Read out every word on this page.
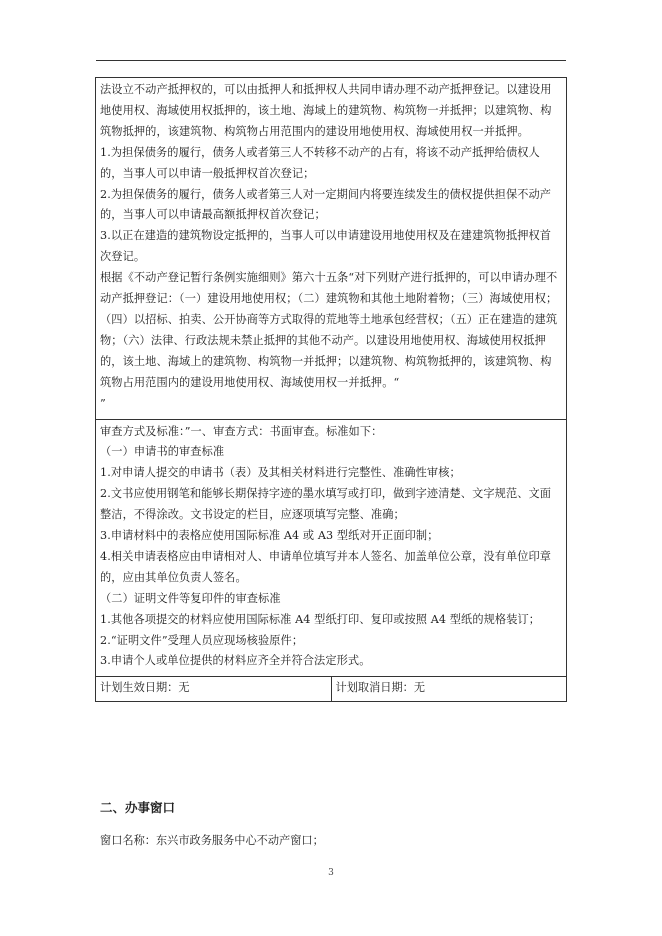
法设立不动产抵押权的，可以由抵押人和抵押权人共同申请办理不动产抵押登记。以建设用地使用权、海域使用权抵押的，该土地、海域上的建筑物、构筑物一并抵押；以建筑物、构筑物抵押的，该建筑物、构筑物占用范围内的建设用地使用权、海域使用权一并抵押。

1.为担保债务的履行，债务人或者第三人不转移不动产的占有，将该不动产抵押给债权人的，当事人可以申请一般抵押权首次登记；

2.为担保债务的履行，债务人或者第三人对一定期间内将要连续发生的债权提供担保不动产的，当事人可以申请最高额抵押权首次登记；

3.以正在建造的建筑物设定抵押的，当事人可以申请建设用地使用权及在建建筑物抵押权首次登记。

根据《不动产登记暂行条例实施细则》第六十五条“对下列财产进行抵押的，可以申请办理不动产抵押登记：（一）建设用地使用权；（二）建筑物和其他土地附着物；（三）海域使用权；（四）以招标、拍卖、公开协商等方式取得的荒地等土地承包经营权；（五）正在建造的建筑物；（六）法律、行政法规未禁止抵押的其他不动产。以建设用地使用权、海域使用权抵押的，该土地、海域上的建筑物、构筑物一并抵押；以建筑物、构筑物抵押的，该建筑物、构筑物占用范围内的建设用地使用权、海域使用权一并抵押。“

”

审查方式及标准：”一、审查方式：书面审查。标准如下：

（一）申请书的审查标准

1.对申请人提交的申请书（表）及其相关材料进行完整性、准确性审核；

2.文书应使用钢笔和能够长期保持字迹的墨水填写或打印，做到字迹清楚、文字规范、文面整洁，不得涂改。文书设定的栏目，应逐项填写完整、准确；

3.申请材料中的表格应使用国际标准 A4 或 A3 型纸对开正面印制；

4.相关申请表格应由申请相对人、申请单位填写并本人签名、加盖单位公章，没有单位印章的，应由其单位负责人签名。

（二）证明文件等复印件的审查标准

1.其他各项提交的材料应使用国际标准 A4 型纸打印、复印或按照 A4 型纸的规格装订；

2.“证明文件”受理人员应现场核验原件；

3.申请个人或单位提供的材料应齐全并符合法定形式。

计划生效日期：无	计划取消日期：无
二、办事窗口
窗口名称：东兴市政务服务中心不动产窗口；
3
